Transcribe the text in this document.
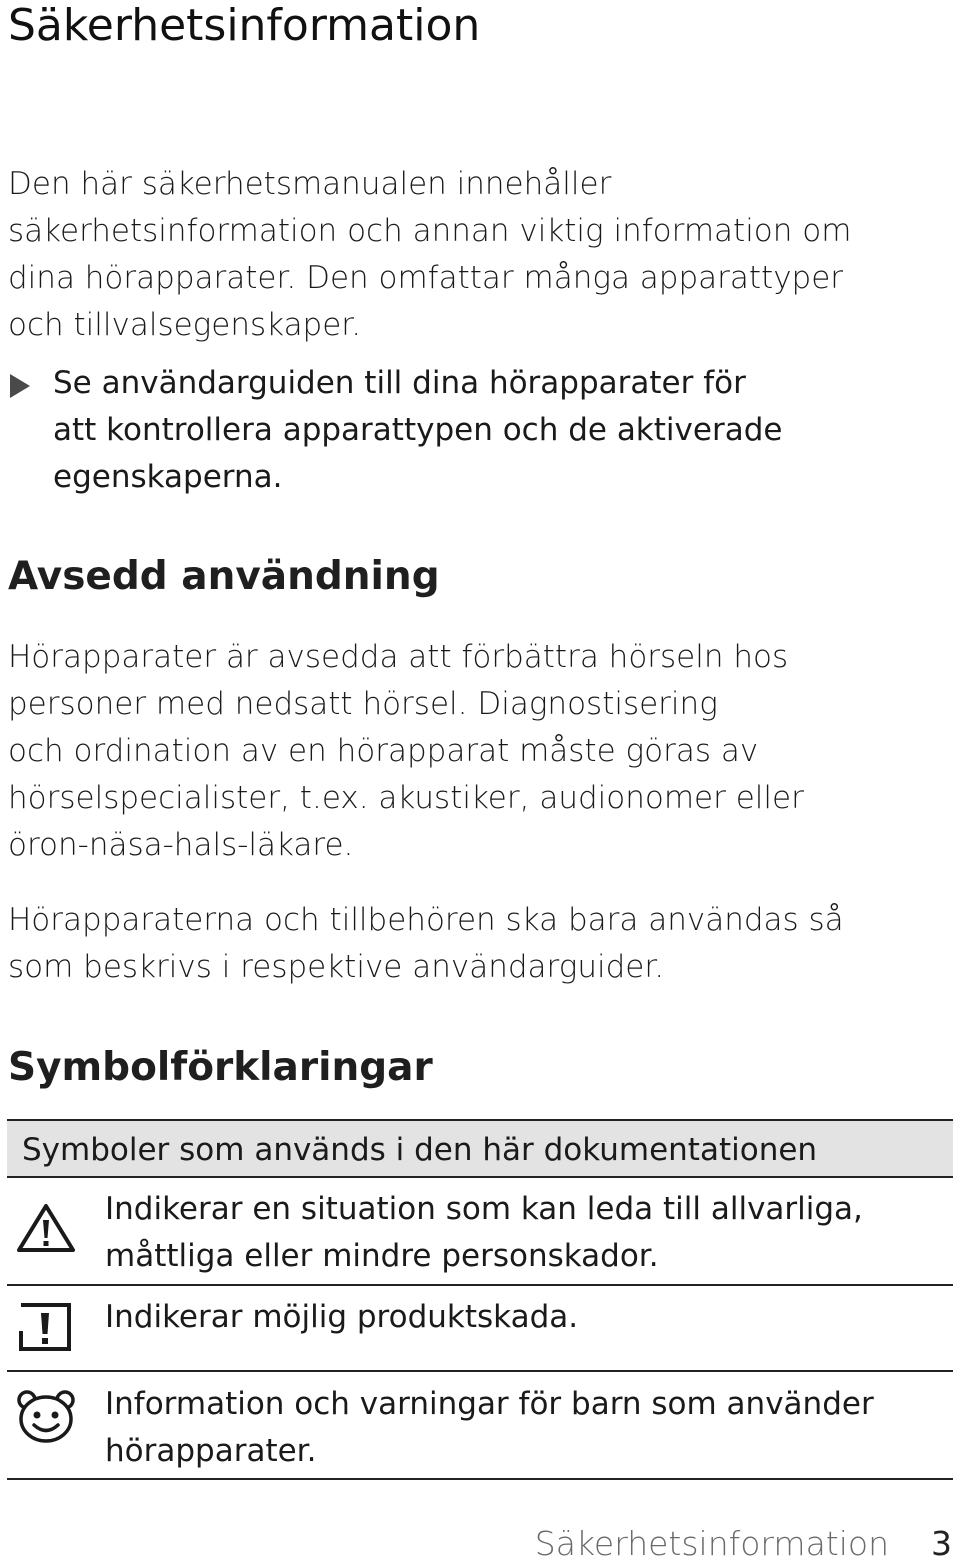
Säkerhetsinformation
Den här säkerhetsmanualen innehåller
säkerhetsinformation och annan viktig information om
dina hörapparater. Den omfattar många apparattyper
och tillvalsegenskaper.
Se användarguiden till dina hörapparater för
att kontrollera apparattypen och de aktiverade
egenskaperna.
Avsedd användning
Hörapparater är avsedda att förbättra hörseln hos
personer med nedsatt hörsel. Diagnostisering
och ordination av en hörapparat måste göras av
hörselspecialister, t.ex. akustiker, audionomer eller
öron-näsa-hals-läkare.
Hörapparaterna och tillbehören ska bara användas så
som beskrivs i respektive användarguider.
Symbolförklaringar
Symboler som används i den här dokumentationen
Indikerar en situation som kan leda till allvarliga,
måttliga eller mindre personskador.
Indikerar möjlig produktskada.
Information och varningar för barn som använder
hörapparater.
Säkerhetsinformation 3
